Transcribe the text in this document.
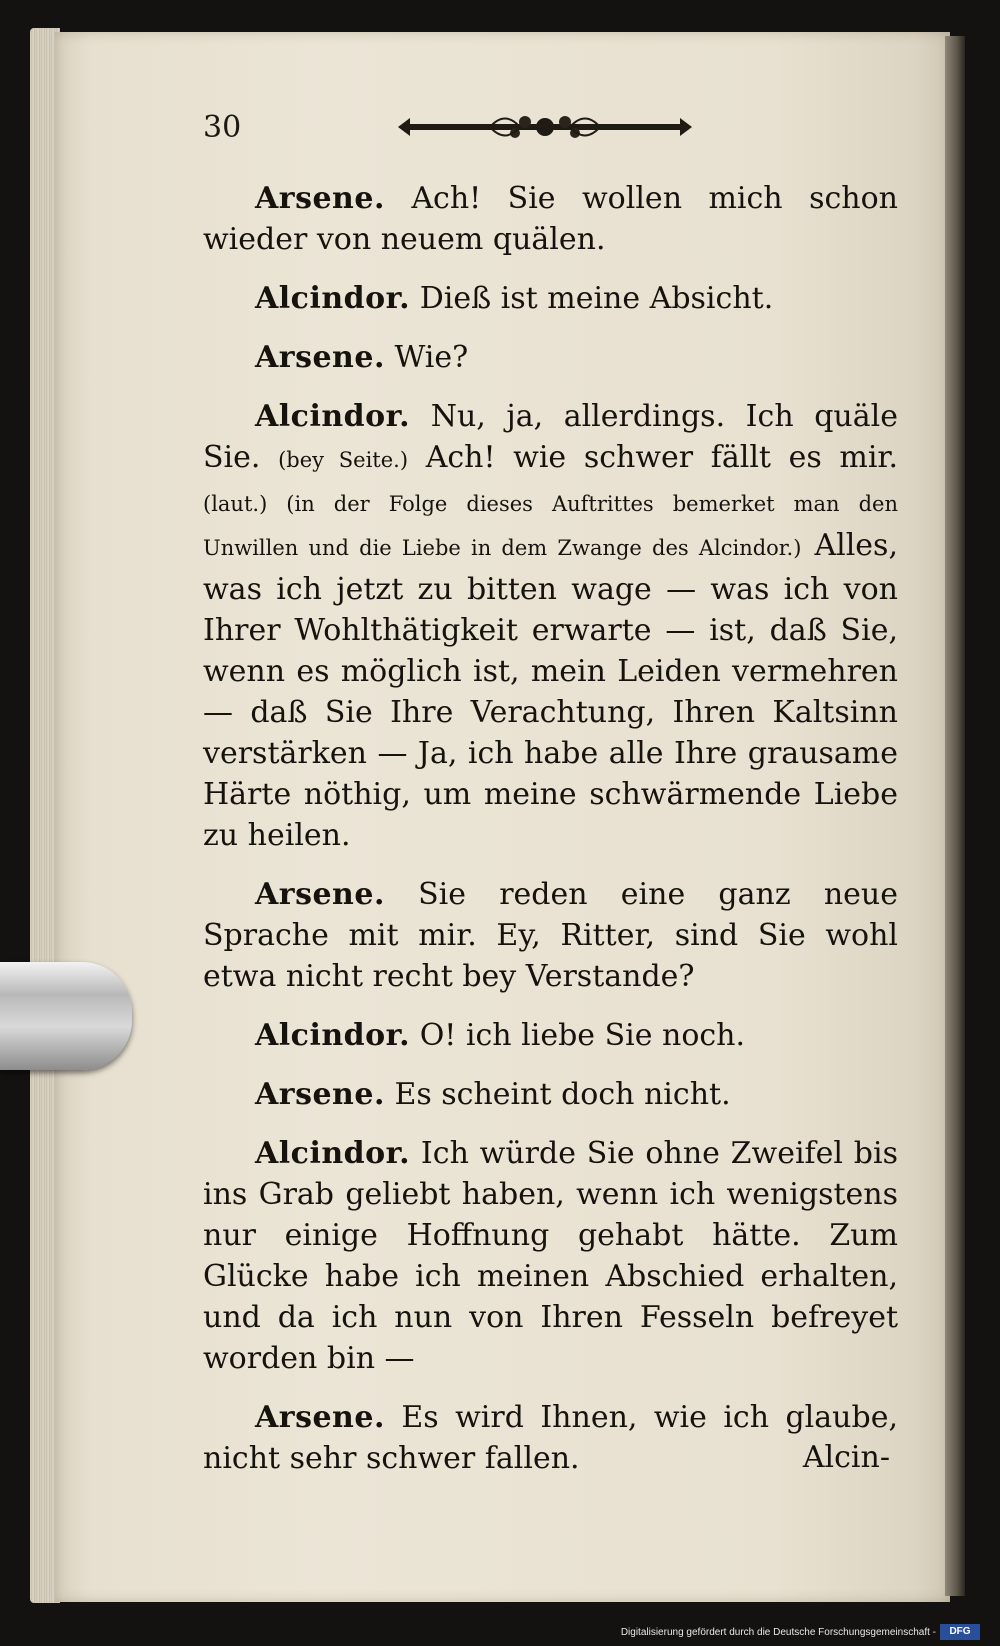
30

Arsene. Ach! Sie wollen mich schon wieder von neuem quälen.

Alcindor. Dieß ist meine Absicht.

Arsene. Wie?

Alcindor. Nu, ja, allerdings. Ich quäle Sie. (bey Seite.) Ach! wie schwer fällt es mir. (laut.) (in der Folge dieses Auftrittes bemerket man den Unwillen und die Liebe in dem Zwange des Alcindor.) Alles, was ich jetzt zu bitten wage — was ich von Ihrer Wohlthätigkeit erwarte — ist, daß Sie, wenn es möglich ist, mein Leiden vermehren — daß Sie Ihre Verachtung, Ihren Kaltsinn verstärken — Ja, ich habe alle Ihre grausame Härte nöthig, um meine schwärmende Liebe zu heilen.

Arsene. Sie reden eine ganz neue Sprache mit mir. Ey, Ritter, sind Sie wohl etwa nicht recht bey Verstande?

Alcindor. O! ich liebe Sie noch.

Arsene. Es scheint doch nicht.

Alcindor. Ich würde Sie ohne Zweifel bis ins Grab geliebt haben, wenn ich wenigstens nur einige Hoffnung gehabt hätte. Zum Glücke habe ich meinen Abschied erhalten, und da ich nun von Ihren Fesseln befreyet worden bin —

Arsene. Es wird Ihnen, wie ich glaube, nicht sehr schwer fallen.	Alcin-
Digitalisierung gefördert durch die Deutsche Forschungsgemeinschaft -	DFG
